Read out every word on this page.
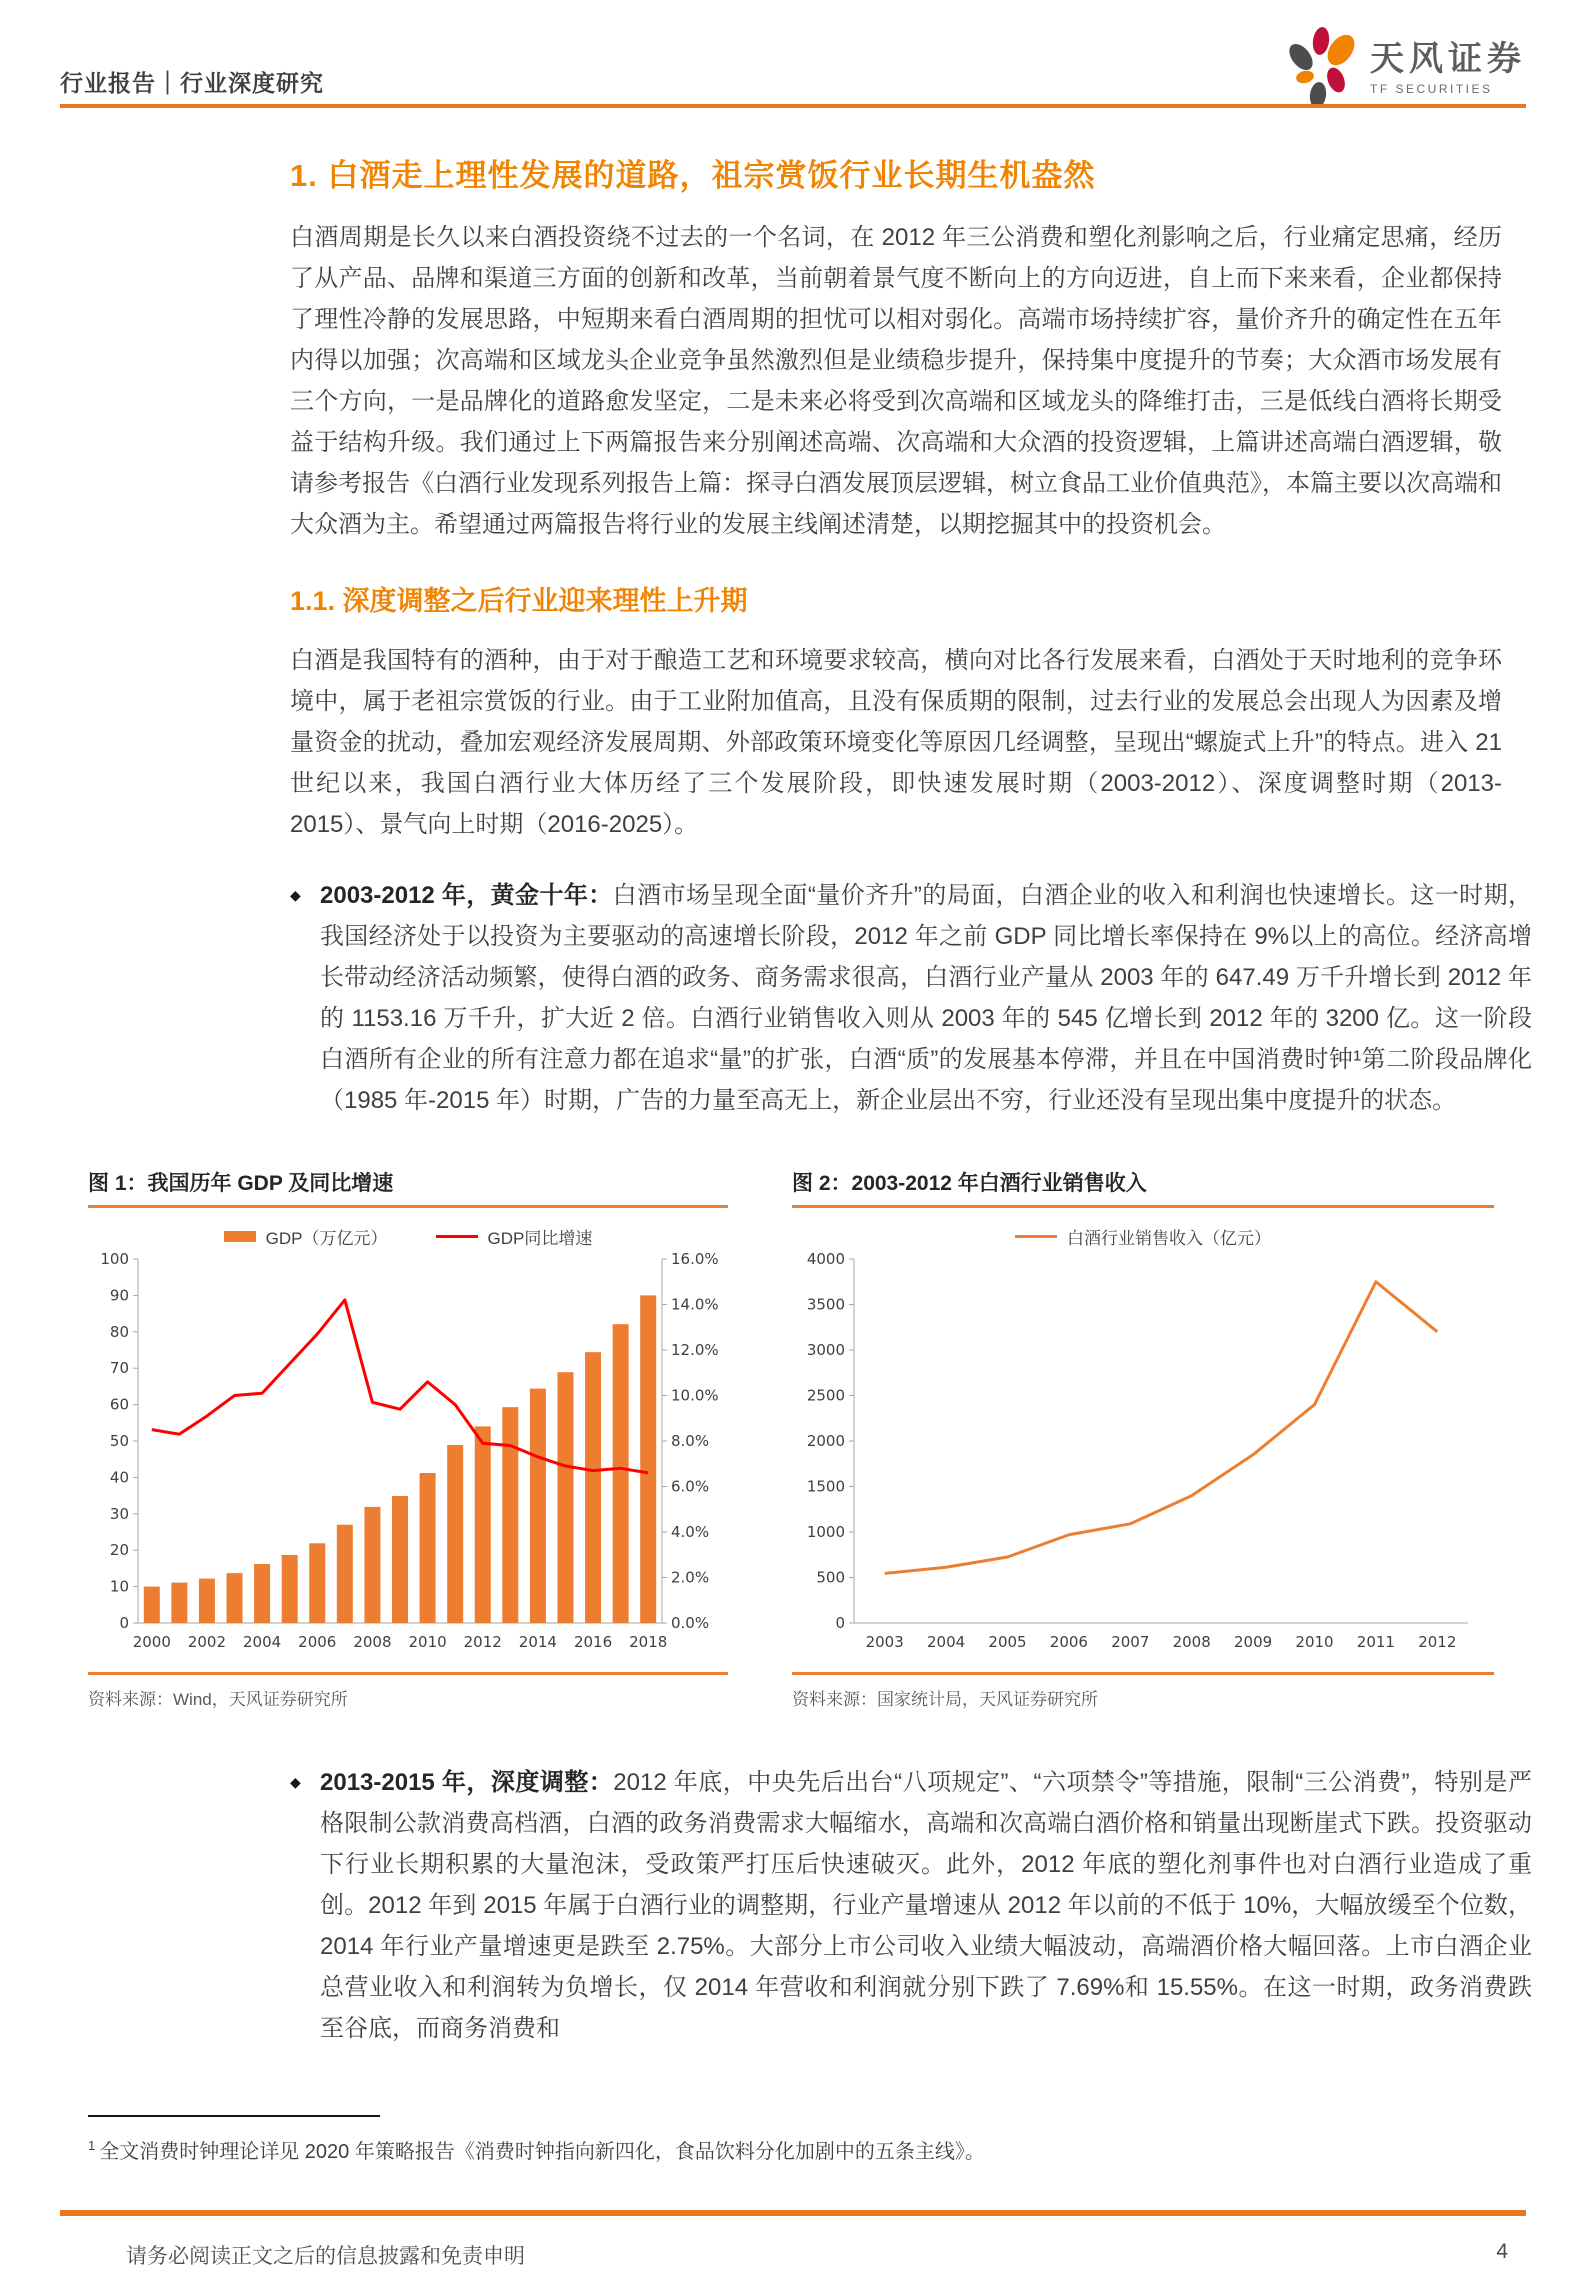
行业报告｜行业深度研究
天风证券
TF SECURITIES
1. 白酒走上理性发展的道路，祖宗赏饭行业长期生机盎然

白酒周期是长久以来白酒投资绕不过去的一个名词，在 2012 年三公消费和塑化剂影响之后，行业痛定思痛，经历了从产品、品牌和渠道三方面的创新和改革，当前朝着景气度不断向上的方向迈进，自上而下来来看，企业都保持了理性冷静的发展思路，中短期来看白酒周期的担忧可以相对弱化。高端市场持续扩容，量价齐升的确定性在五年内得以加强；次高端和区域龙头企业竞争虽然激烈但是业绩稳步提升，保持集中度提升的节奏；大众酒市场发展有三个方向，一是品牌化的道路愈发坚定，二是未来必将受到次高端和区域龙头的降维打击，三是低线白酒将长期受益于结构升级。我们通过上下两篇报告来分别阐述高端、次高端和大众酒的投资逻辑，上篇讲述高端白酒逻辑，敬请参考报告《白酒行业发现系列报告上篇：探寻白酒发展顶层逻辑，树立食品工业价值典范》，本篇主要以次高端和大众酒为主。希望通过两篇报告将行业的发展主线阐述清楚，以期挖掘其中的投资机会。

1.1. 深度调整之后行业迎来理性上升期

白酒是我国特有的酒种，由于对于酿造工艺和环境要求较高，横向对比各行发展来看，白酒处于天时地利的竞争环境中，属于老祖宗赏饭的行业。由于工业附加值高，且没有保质期的限制，过去行业的发展总会出现人为因素及增量资金的扰动，叠加宏观经济发展周期、外部政策环境变化等原因几经调整，呈现出“螺旋式上升”的特点。进入 21 世纪以来，我国白酒行业大体历经了三个发展阶段，即快速发展时期（2003-2012）、深度调整时期（2013-2015）、景气向上时期（2016-2025）。

◆ 2003-2012 年，黄金十年：白酒市场呈现全面“量价齐升”的局面，白酒企业的收入和利润也快速增长。这一时期，我国经济处于以投资为主要驱动的高速增长阶段，2012 年之前 GDP 同比增长率保持在 9%以上的高位。经济高增长带动经济活动频繁，使得白酒的政务、商务需求很高，白酒行业产量从 2003 年的 647.49 万千升增长到 2012 年的 1153.16 万千升，扩大近 2 倍。白酒行业销售收入则从 2003 年的 545 亿增长到 2012 年的 3200 亿。这一阶段白酒所有企业的所有注意力都在追求“量”的扩张，白酒“质”的发展基本停滞，并且在中国消费时钟¹第二阶段品牌化（1985 年-2015 年）时期，广告的力量至高无上，新企业层出不穷，行业还没有呈现出集中度提升的状态。

图 1：我国历年 GDP 及同比增速
GDP（万亿元）	GDP同比增速
0
10
20
30
40
50
60
70
80
90
100
0.0%
2.0%
4.0%
6.0%
8.0%
10.0%
12.0%
14.0%
16.0%
2000 2002 2004 2006 2008 2010 2012 2014 2016 2018
资料来源：Wind，天风证券研究所
图 2：2003-2012 年白酒行业销售收入
白酒行业销售收入（亿元）
0
500
1000
1500
2000
2500
3000
3500
4000
2003 2004 2005 2006 2007 2008 2009 2010 2011 2012
资料来源：国家统计局，天风证券研究所
◆ 2013-2015 年，深度调整：2012 年底，中央先后出台“八项规定”、“六项禁令”等措施，限制“三公消费”，特别是严格限制公款消费高档酒，白酒的政务消费需求大幅缩水，高端和次高端白酒价格和销量出现断崖式下跌。投资驱动下行业长期积累的大量泡沫，受政策严打压后快速破灭。此外，2012 年底的塑化剂事件也对白酒行业造成了重创。2012 年到 2015 年属于白酒行业的调整期，行业产量增速从 2012 年以前的不低于 10%，大幅放缓至个位数，2014 年行业产量增速更是跌至 2.75%。大部分上市公司收入业绩大幅波动，高端酒价格大幅回落。上市白酒企业总营业收入和利润转为负增长，仅 2014 年营收和利润就分别下跌了 7.69%和 15.55%。在这一时期，政务消费跌至谷底，而商务消费和

$^1$ 全文消费时钟理论详见 2020 年策略报告《消费时钟指向新四化，食品饮料分化加剧中的五条主线》。
请务必阅读正文之后的信息披露和免责申明	4
